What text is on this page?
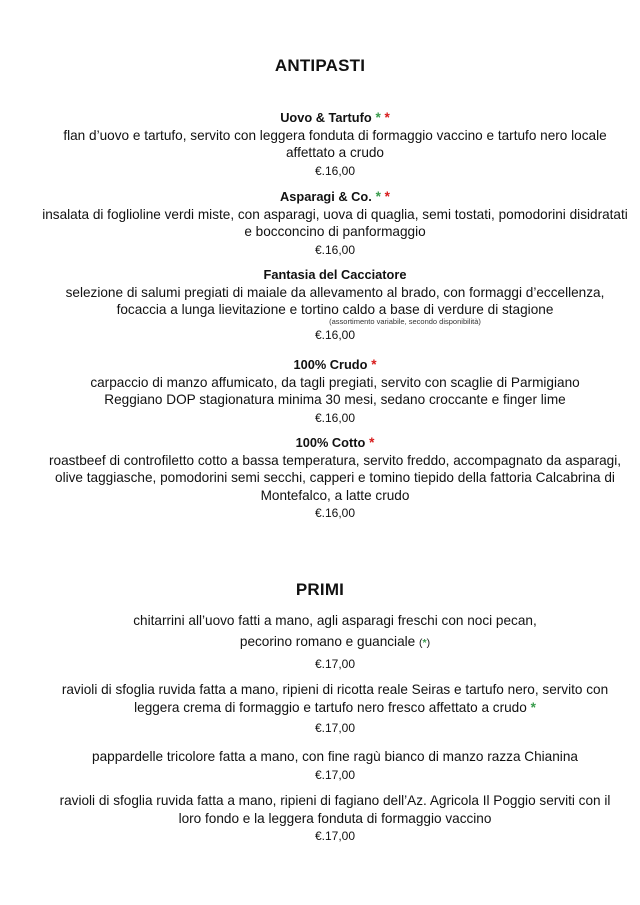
ANTIPASTI
Uovo & Tartufo * *
flan d’uovo e tartufo, servito con leggera fonduta di formaggio vaccino e tartufo nero locale affettato a crudo
€.16,00
Asparagi & Co. * *
insalata di foglioline verdi miste, con asparagi, uova di quaglia, semi tostati, pomodorini disidratati e bocconcino di panformaggio
€.16,00
Fantasia del Cacciatore
selezione di salumi pregiati di maiale da allevamento al brado, con formaggi d’eccellenza, focaccia a lunga lievitazione e tortino caldo a base di verdure di stagione
(assortimento variabile, secondo disponibilità)
€.16,00
100% Crudo *
carpaccio di manzo affumicato, da tagli pregiati, servito con scaglie di Parmigiano Reggiano DOP stagionatura minima 30 mesi, sedano croccante e finger lime
€.16,00
100% Cotto *
roastbeef di controfiletto cotto a bassa temperatura, servito freddo, accompagnato da asparagi, olive taggiasche, pomodorini semi secchi, capperi e tomino tiepido della fattoria Calcabrina di Montefalco, a latte crudo
€.16,00
PRIMI
chitarrini all’uovo fatti a mano, agli asparagi freschi con noci pecan,
pecorino romano e guanciale (*)
€.17,00
ravioli di sfoglia ruvida fatta a mano, ripieni di ricotta reale Seiras e tartufo nero, servito con leggera crema di formaggio e tartufo nero fresco affettato a crudo *
€.17,00
pappardelle tricolore fatta a mano, con fine ragù bianco di manzo razza Chianina
€.17,00
ravioli di sfoglia ruvida fatta a mano, ripieni di fagiano dell’Az. Agricola Il Poggio serviti con il loro fondo e la leggera fonduta di formaggio vaccino
€.17,00
